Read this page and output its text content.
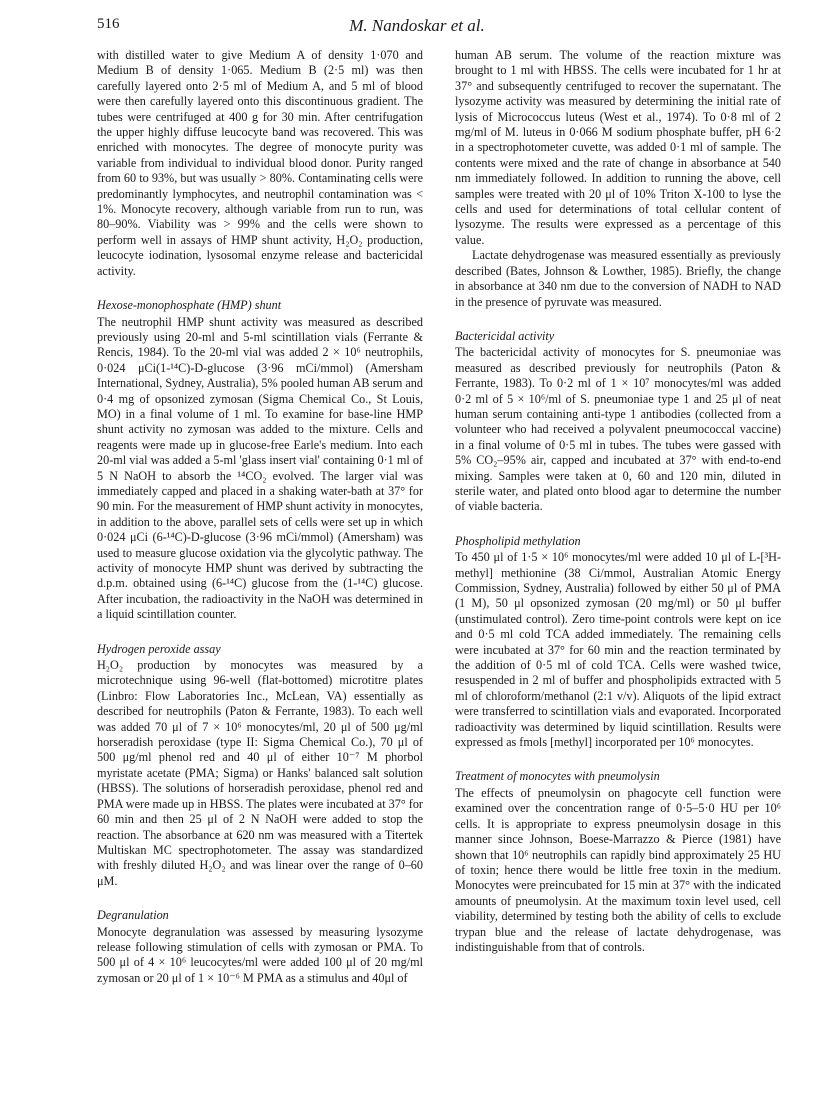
516	M. Nandoskar et al.

with distilled water to give Medium A of density 1·070 and Medium B of density 1·065. Medium B (2·5 ml) was then carefully layered onto 2·5 ml of Medium A, and 5 ml of blood were then carefully layered onto this discontinuous gradient. The tubes were centrifuged at 400 g for 30 min. After centrifugation the upper highly diffuse leucocyte band was recovered. This was enriched with monocytes. The degree of monocyte purity was variable from individual to individual blood donor. Purity ranged from 60 to 93%, but was usually > 80%. Contaminating cells were predominantly lymphocytes, and neutrophil contamination was < 1%. Monocyte recovery, although variable from run to run, was 80–90%. Viability was > 99% and the cells were shown to perform well in assays of HMP shunt activity, H₂O₂ production, leucocyte iodination, lysosomal enzyme release and bactericidal activity.

Hexose-monophosphate (HMP) shunt

The neutrophil HMP shunt activity was measured as described previously using 20-ml and 5-ml scintillation vials (Ferrante & Rencis, 1984). To the 20-ml vial was added 2 × 10⁶ neutrophils, 0·024 μCi(1-¹⁴C)-D-glucose (3·96 mCi/mmol) (Amersham International, Sydney, Australia), 5% pooled human AB serum and 0·4 mg of opsonized zymosan (Sigma Chemical Co., St Louis, MO) in a final volume of 1 ml. To examine for base-line HMP shunt activity no zymosan was added to the mixture. Cells and reagents were made up in glucose-free Earle's medium. Into each 20-ml vial was added a 5-ml 'glass insert vial' containing 0·1 ml of 5 N NaOH to absorb the ¹⁴CO₂ evolved. The larger vial was immediately capped and placed in a shaking water-bath at 37° for 90 min. For the measurement of HMP shunt activity in monocytes, in addition to the above, parallel sets of cells were set up in which 0·024 μCi (6-¹⁴C)-D-glucose (3·96 mCi/mmol) (Amersham) was used to measure glucose oxidation via the glycolytic pathway. The activity of monocyte HMP shunt was derived by subtracting the d.p.m. obtained using (6-¹⁴C) glucose from the (1-¹⁴C) glucose. After incubation, the radioactivity in the NaOH was determined in a liquid scintillation counter.

Hydrogen peroxide assay

H₂O₂ production by monocytes was measured by a microtechnique using 96-well (flat-bottomed) microtitre plates (Linbro: Flow Laboratories Inc., McLean, VA) essentially as described for neutrophils (Paton & Ferrante, 1983). To each well was added 70 μl of 7 × 10⁶ monocytes/ml, 20 μl of 500 μg/ml horseradish peroxidase (type II: Sigma Chemical Co.), 70 μl of 500 μg/ml phenol red and 40 μl of either 10⁻⁷ M phorbol myristate acetate (PMA; Sigma) or Hanks' balanced salt solution (HBSS). The solutions of horseradish peroxidase, phenol red and PMA were made up in HBSS. The plates were incubated at 37° for 60 min and then 25 μl of 2 N NaOH were added to stop the reaction. The absorbance at 620 nm was measured with a Titertek Multiskan MC spectrophotometer. The assay was standardized with freshly diluted H₂O₂ and was linear over the range of 0–60 μM.

Degranulation

Monocyte degranulation was assessed by measuring lysozyme release following stimulation of cells with zymosan or PMA. To 500 μl of 4 × 10⁶ leucocytes/ml were added 100 μl of 20 mg/ml zymosan or 20 μl of 1 × 10⁻⁶ M PMA as a stimulus and 40μl of

human AB serum. The volume of the reaction mixture was brought to 1 ml with HBSS. The cells were incubated for 1 hr at 37° and subsequently centrifuged to recover the supernatant. The lysozyme activity was measured by determining the initial rate of lysis of Micrococcus luteus (West et al., 1974). To 0·8 ml of 2 mg/ml of M. luteus in 0·066 M sodium phosphate buffer, pH 6·2 in a spectrophotometer cuvette, was added 0·1 ml of sample. The contents were mixed and the rate of change in absorbance at 540 nm immediately followed. In addition to running the above, cell samples were treated with 20 μl of 10% Triton X-100 to lyse the cells and used for determinations of total cellular content of lysozyme. The results were expressed as a percentage of this value.

Lactate dehydrogenase was measured essentially as previously described (Bates, Johnson & Lowther, 1985). Briefly, the change in absorbance at 340 nm due to the conversion of NADH to NAD in the presence of pyruvate was measured.

Bactericidal activity

The bactericidal activity of monocytes for S. pneumoniae was measured as described previously for neutrophils (Paton & Ferrante, 1983). To 0·2 ml of 1 × 10⁷ monocytes/ml was added 0·2 ml of 5 × 10⁶/ml of S. pneumoniae type 1 and 25 μl of neat human serum containing anti-type 1 antibodies (collected from a volunteer who had received a polyvalent pneumococcal vaccine) in a final volume of 0·5 ml in tubes. The tubes were gassed with 5% CO₂–95% air, capped and incubated at 37° with end-to-end mixing. Samples were taken at 0, 60 and 120 min, diluted in sterile water, and plated onto blood agar to determine the number of viable bacteria.

Phospholipid methylation

To 450 μl of 1·5 × 10⁶ monocytes/ml were added 10 μl of L-[³H-methyl] methionine (38 Ci/mmol, Australian Atomic Energy Commission, Sydney, Australia) followed by either 50 μl of PMA (1 M), 50 μl opsonized zymosan (20 mg/ml) or 50 μl buffer (unstimulated control). Zero time-point controls were kept on ice and 0·5 ml cold TCA added immediately. The remaining cells were incubated at 37° for 60 min and the reaction terminated by the addition of 0·5 ml of cold TCA. Cells were washed twice, resuspended in 2 ml of buffer and phospholipids extracted with 5 ml of chloroform/methanol (2:1 v/v). Aliquots of the lipid extract were transferred to scintillation vials and evaporated. Incorporated radioactivity was determined by liquid scintillation. Results were expressed as fmols [methyl] incorporated per 10⁶ monocytes.

Treatment of monocytes with pneumolysin

The effects of pneumolysin on phagocyte cell function were examined over the concentration range of 0·5–5·0 HU per 10⁶ cells. It is appropriate to express pneumolysin dosage in this manner since Johnson, Boese-Marrazzo & Pierce (1981) have shown that 10⁶ neutrophils can rapidly bind approximately 25 HU of toxin; hence there would be little free toxin in the medium. Monocytes were preincubated for 15 min at 37° with the indicated amounts of pneumolysin. At the maximum toxin level used, cell viability, determined by testing both the ability of cells to exclude trypan blue and the release of lactate dehydrogenase, was indistinguishable from that of controls.
